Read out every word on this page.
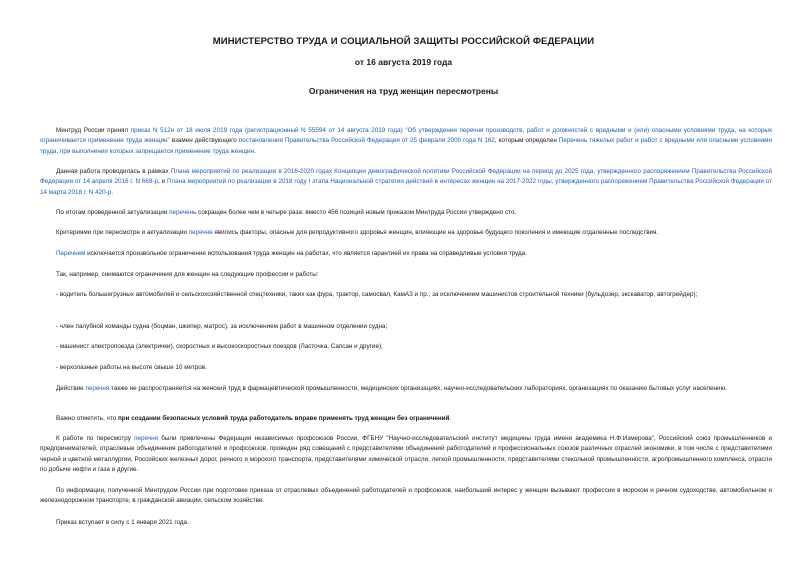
МИНИСТЕРСТВО ТРУДА И СОЦИАЛЬНОЙ ЗАЩИТЫ РОССИЙСКОЙ ФЕДЕРАЦИИ
от 16 августа 2019 года
Ограничения на труд женщин пересмотрены
Минтруд России принял приказ N 512н от 18 июля 2019 года (регистрационный N 55594 от 14 августа 2019 года) "Об утверждении перечня производств, работ и должностей с вредными и (или) опасными условиями труда, на которых ограничивается применение труда женщин" взамен действующего постановления Правительства Российской Федерации от 25 февраля 2000 года N 162, которым определен Перечень тяжелых работ и работ с вредными или опасными условиями труда, при выполнении которых запрещается применение труда женщин.
Данная работа проводилась в рамках Плана мероприятий по реализации в 2016-2020 годах Концепции демографической политики Российской Федерации на период до 2025 года, утвержденного распоряжением Правительства Российской Федерации от 14 апреля 2016 г. N 669-р, и Плана мероприятий по реализации в 2018 году I этапа Национальной стратегии действий в интересах женщин на 2017-2022 годы, утвержденного распоряжением Правительства Российской Федерации от 14 марта 2018 г. N 420-р.
По итогам проведенной актуализации перечень сокращен более чем в четыре раза: вместо 456 позиций новым приказом Минтруда России утверждено сто.
Критериями при пересмотре и актуализации перечня явились факторы, опасные для репродуктивного здоровья женщин, влияющие на здоровье будущего поколения и имеющие отдаленные последствия.
Перечнем исключается произвольное ограничение использования труда женщин на работах, что является гарантией их права на справедливые условия труда.
Так, например, снимаются ограничения для женщин на следующие профессии и работы:
- водитель большегрузных автомобилей и сельскохозяйственной спецтехники, таких как фура, трактор, самосвал, КамАЗ и пр., за исключением машинистов строительной техники (бульдозер, экскаватор, автогрейдер);
- член палубной команды судна (боцман, шкипер, матрос), за исключением работ в машинном отделении судна;
- машинист электропоезда (электрички), скоростных и высокоскоростных поездов (Ласточка, Сапсан и другие);
- верхолазные работы на высоте свыше 10 метров.
Действие перечня также не распространяется на женский труд в фармацевтической промышленности, медицинских организациях, научно-исследовательских лабораториях, организациях по оказанию бытовых услуг населению.
Важно отметить, что при создании безопасных условий труда работодатель вправе применять труд женщин без ограничений.
К работе по пересмотру перечня были привлечены Федерация независимых профсоюзов России, ФГБНУ "Научно-исследовательский институт медицины труда имени академика Н.Ф.Измерова", Российский союз промышленников и предпринимателей, отраслевые объединения работодателей и профсоюзов, проведен ряд совещаний с представителями объединений работодателей и профессиональных союзов различных отраслей экономики, в том числе с представителями черной и цветной металлургии, Российских железных дорог, речного и морского транспорта, представителями химической отрасли, легкой промышленности, представителями стекольной промышленности, агропромышленного комплекса, отрасли по добыче нефти и газа и другие.
По информации, полученной Минтрудом России при подготовке приказа от отраслевых объединений работодателей и профсоюзов, наибольший интерес у женщин вызывают профессии в морском и речном судоходстве, автомобильном и железнодорожном транспорте, в гражданской авиации, сельском хозяйстве.
Приказ вступает в силу с 1 января 2021 года.
